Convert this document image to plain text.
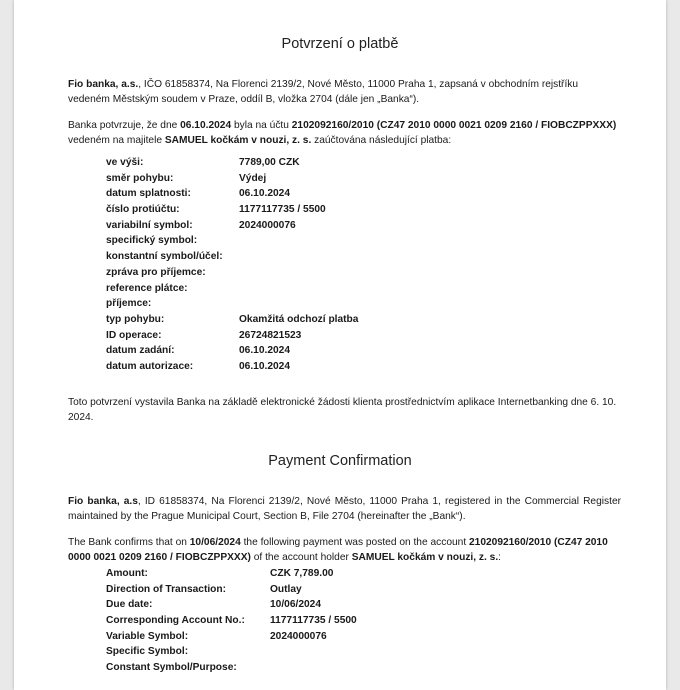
Potvrzení o platbě

Fio banka, a.s., IČO 61858374, Na Florenci 2139/2, Nové Město, 11000 Praha 1, zapsaná v obchodním rejstříku vedeném Městským soudem v Praze, oddíl B, vložka 2704 (dále jen „Banka“).

Banka potvrzuje, že dne 06.10.2024 byla na účtu 2102092160/2010 (CZ47 2010 0000 0021 0209 2160 / FIOBCZPPXXX) vedeném na majitele SAMUEL kočkám v nouzi, z. s. zaúčtována následující platba:

ve výši:	7789,00 CZK
směr pohybu:	Výdej
datum splatnosti:	06.10.2024
číslo protiúčtu:	1177117735 / 5500
variabilní symbol:	2024000076
specifický symbol:
konstantní symbol/účel:
zpráva pro příjemce:
reference plátce:
příjemce:
typ pohybu:	Okamžitá odchozí platba
ID operace:	26724821523
datum zadání:	06.10.2024
datum autorizace:	06.10.2024

Toto potvrzení vystavila Banka na základě elektronické žádosti klienta prostřednictvím aplikace Internetbanking dne 6. 10. 2024.

Payment Confirmation

Fio banka, a.s, ID 61858374, Na Florenci 2139/2, Nové Město, 11000 Praha 1, registered in the Commercial Register maintained by the Prague Municipal Court, Section B, File 2704 (hereinafter the „Bank“).

The Bank confirms that on 10/06/2024 the following payment was posted on the account 2102092160/2010 (CZ47 2010 0000 0021 0209 2160 / FIOBCZPPXXX) of the account holder SAMUEL kočkám v nouzi, z. s.:

Amount:	CZK 7,789.00
Direction of Transaction:	Outlay
Due date:	10/06/2024
Corresponding Account No.: 1177117735 / 5500
Variable Symbol:	2024000076
Specific Symbol:
Constant Symbol/Purpose:
